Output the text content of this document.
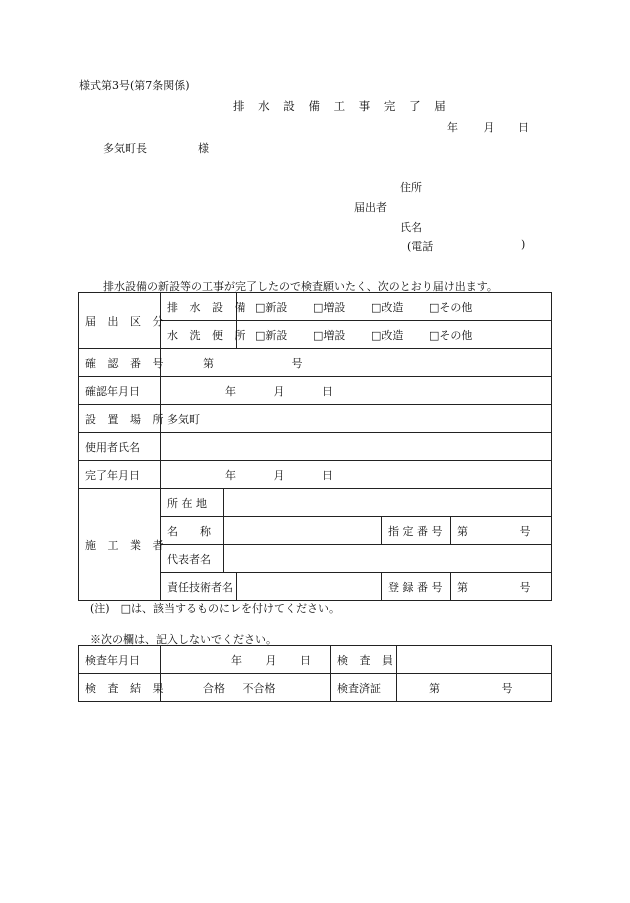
様式第3号(第7条関係)
排 水 設 備 工 事 完 了 届
年 月 日
多気町長	様
住所
届出者
氏名
(電話	)
排水設備の新設等の工事が完了したので検査願いたく、次のとおり届け出ます。
届 出 区 分	排 水 設 備		□新設 □増設 □改造 □その他		
	水 洗 便 所		□新設 □増設 □改造 □その他		
確 認 番 号	第 号				
確認年月日	年 月 日				
設 置 場 所	多気町				
使用者氏名					
完了年月日	年 月 日				
施 工 業 者	所 在 地				
	名　　称			指 定 番 号	第 号
	代表者名				
	責任技術者名			登 録 番 号	第 号
(注)　□は、該当するものにレを付けてください。
※次の欄は、記入しないでください。
検査年月日	年 月 日	検 査 員	
検 査 結 果	合格 不合格	検査済証	第 号
